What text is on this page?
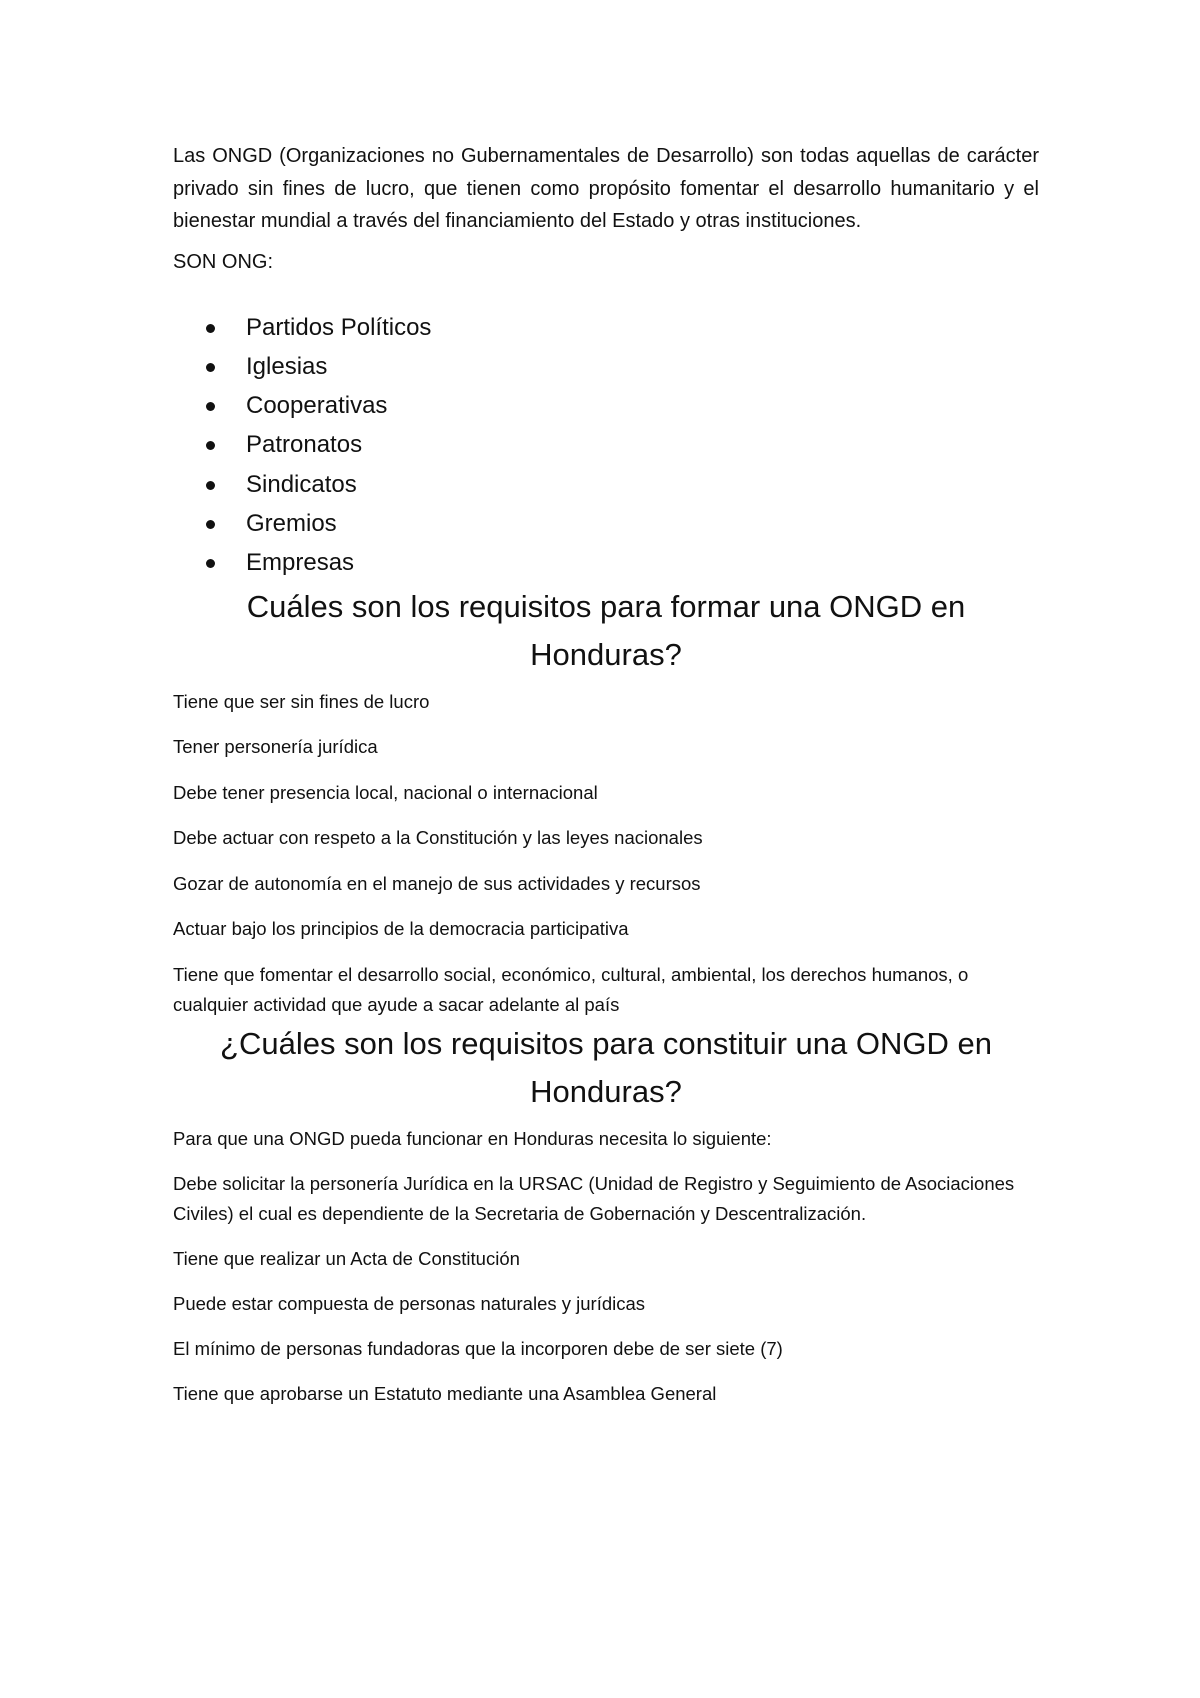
Las ONGD (Organizaciones no Gubernamentales de Desarrollo) son todas aquellas de carácter privado sin fines de lucro, que tienen como propósito fomentar el desarrollo humanitario y el bienestar mundial a través del financiamiento del Estado y otras instituciones.

SON ONG:

Partidos Políticos
Iglesias
Cooperativas
Patronatos
Sindicatos
Gremios
Empresas
Cuáles son los requisitos para formar una ONGD en Honduras?

Tiene que ser sin fines de lucro

Tener personería jurídica

Debe tener presencia local, nacional o internacional

Debe actuar con respeto a la Constitución y las leyes nacionales

Gozar de autonomía en el manejo de sus actividades y recursos

Actuar bajo los principios de la democracia participativa

Tiene que fomentar el desarrollo social, económico, cultural, ambiental, los derechos humanos, o cualquier actividad que ayude a sacar adelante al país

¿Cuáles son los requisitos para constituir una ONGD en Honduras?

Para que una ONGD pueda funcionar en Honduras necesita lo siguiente:

Debe solicitar la personería Jurídica en la URSAC (Unidad de Registro y Seguimiento de Asociaciones Civiles) el cual es dependiente de la Secretaria de Gobernación y Descentralización.

Tiene que realizar un Acta de Constitución

Puede estar compuesta de personas naturales y jurídicas

El mínimo de personas fundadoras que la incorporen debe de ser siete (7)

Tiene que aprobarse un Estatuto mediante una Asamblea General
